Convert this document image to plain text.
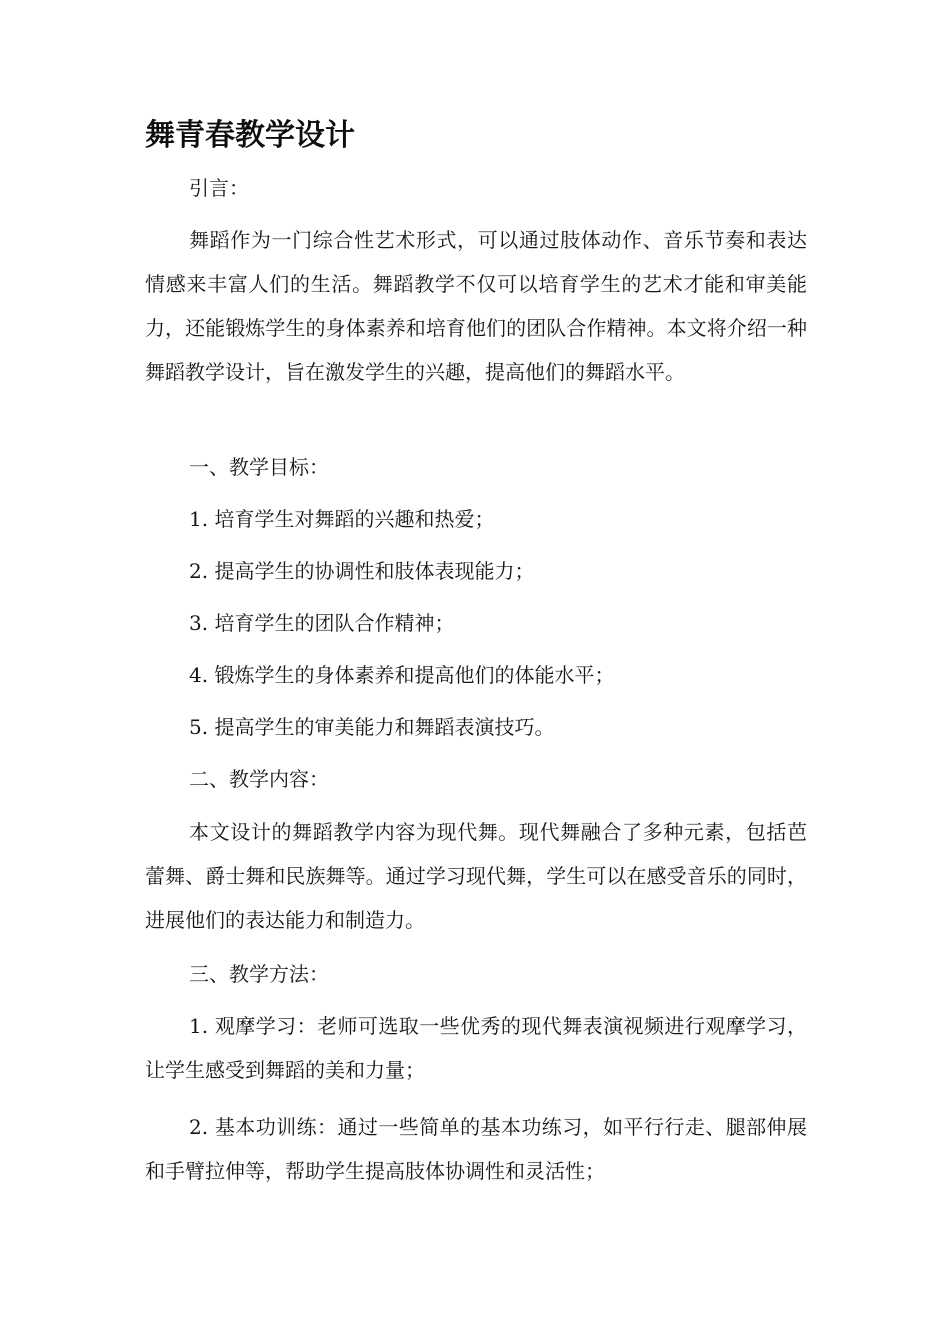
舞青春教学设计

引言：

舞蹈作为一门综合性艺术形式，可以通过肢体动作、音乐节奏和表达情感来丰富人们的生活。舞蹈教学不仅可以培育学生的艺术才能和审美能力，还能锻炼学生的身体素养和培育他们的团队合作精神。本文将介绍一种舞蹈教学设计，旨在激发学生的兴趣，提高他们的舞蹈水平。

一、教学目标：

1. 培育学生对舞蹈的兴趣和热爱；

2. 提高学生的协调性和肢体表现能力；

3. 培育学生的团队合作精神；

4. 锻炼学生的身体素养和提高他们的体能水平；

5. 提高学生的审美能力和舞蹈表演技巧。

二、教学内容：

本文设计的舞蹈教学内容为现代舞。现代舞融合了多种元素，包括芭蕾舞、爵士舞和民族舞等。通过学习现代舞，学生可以在感受音乐的同时，进展他们的表达能力和制造力。

三、教学方法：

1. 观摩学习：老师可选取一些优秀的现代舞表演视频进行观摩学习，让学生感受到舞蹈的美和力量；

2. 基本功训练：通过一些简单的基本功练习，如平行行走、腿部伸展和手臂拉伸等，帮助学生提高肢体协调性和灵活性；
